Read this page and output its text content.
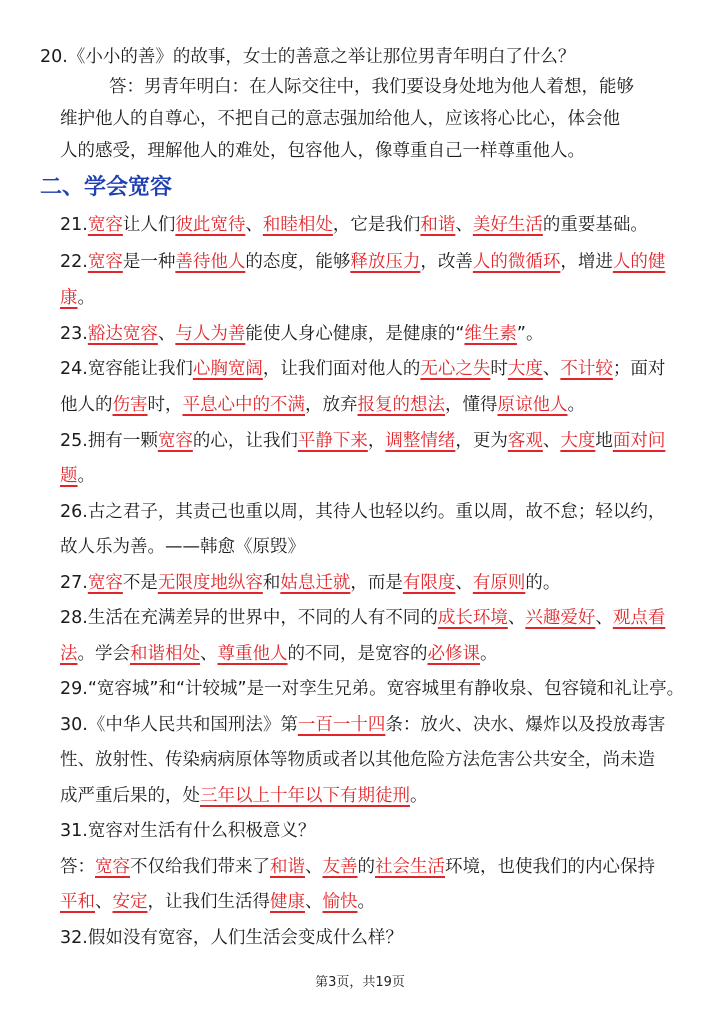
二、学会宽容
20.《小小的善》的故事，女士的善意之举让那位男青年明白了什么？
答：男青年明白：在人际交往中，我们要设身处地为他人着想，能够
维护他人的自尊心，不把自己的意志强加给他人，应该将心比心，体会他
人的感受，理解他人的难处，包容他人，像尊重自己一样尊重他人。
21.宽容让人们彼此宽待、和睦相处，它是我们和谐、美好生活的重要基础。
22.宽容是一种善待他人的态度，能够释放压力，改善人的微循环，增进人的健
康。
23.豁达宽容、与人为善能使人身心健康，是健康的“维生素”。
24.宽容能让我们心胸宽阔，让我们面对他人的无心之失时大度、不计较；面对
他人的伤害时，平息心中的不满，放弃报复的想法，懂得原谅他人。
25.拥有一颗宽容的心，让我们平静下来，调整情绪，更为客观、大度地面对问
题。
26.古之君子，其责己也重以周，其待人也轻以约。重以周，故不怠；轻以约，
故人乐为善。——韩愈《原毁》
27.宽容不是无限度地纵容和姑息迁就，而是有限度、有原则的。
28.生活在充满差异的世界中，不同的人有不同的成长环境、兴趣爱好、观点看
法。学会和谐相处、尊重他人的不同，是宽容的必修课。
29.“宽容城”和“计较城”是一对孪生兄弟。宽容城里有静收泉、包容镜和礼让亭。
30.《中华人民共和国刑法》第一百一十四条：放火、决水、爆炸以及投放毒害
性、放射性、传染病病原体等物质或者以其他危险方法危害公共安全，尚未造
成严重后果的，处三年以上十年以下有期徒刑。
31.宽容对生活有什么积极意义？
答：宽容不仅给我们带来了和谐、友善的社会生活环境，也使我们的内心保持
平和、安定，让我们生活得健康、愉快。
32.假如没有宽容，人们生活会变成什么样？
第3页，共19页
